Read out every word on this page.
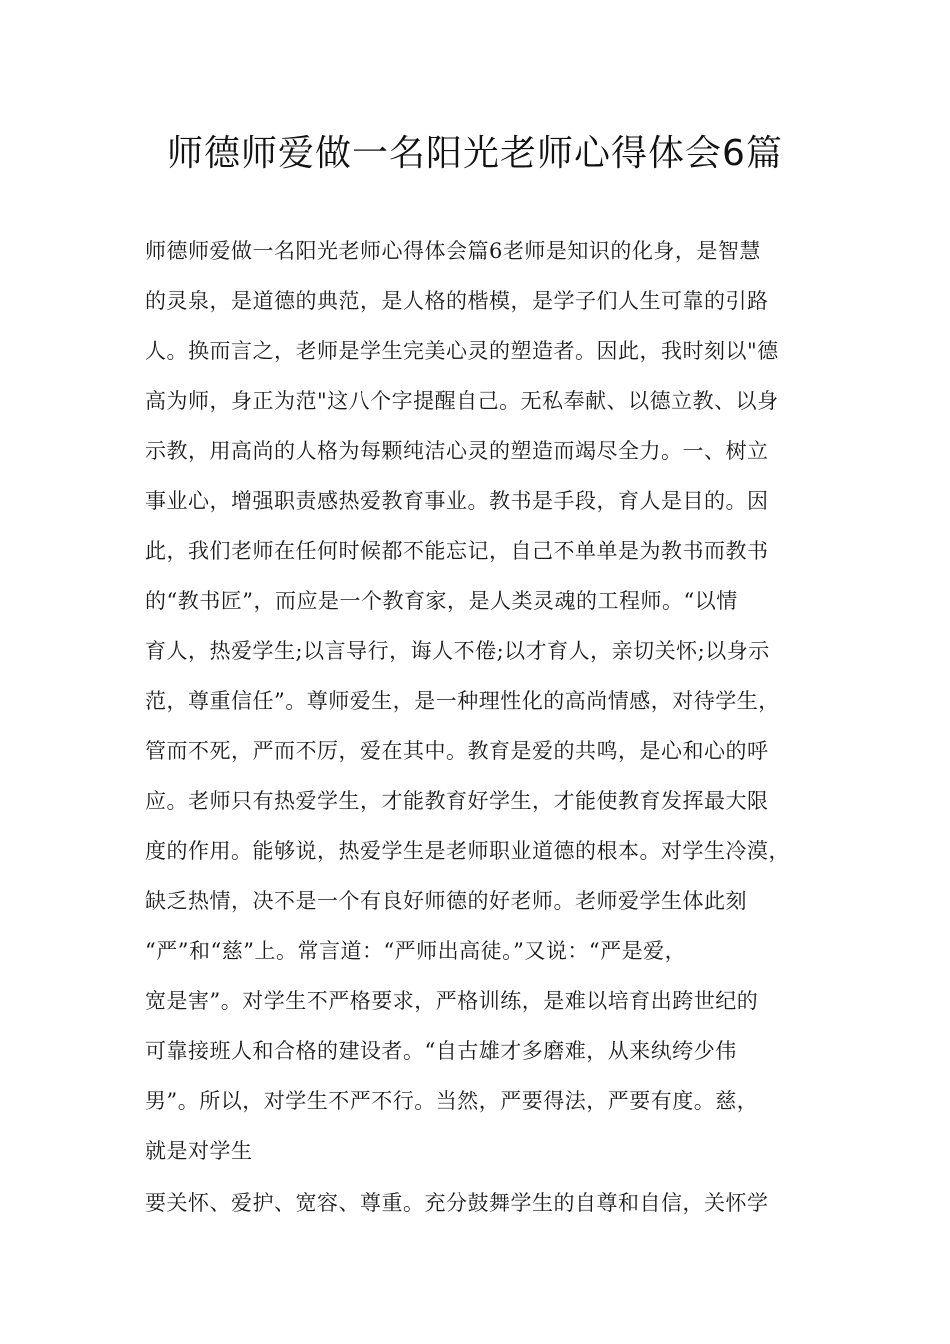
师德师爱做一名阳光老师心得体会6篇
师德师爱做一名阳光老师心得体会篇6老师是知识的化身，是智慧
的灵泉，是道德的典范，是人格的楷模，是学子们人生可靠的引路
人。换而言之，老师是学生完美心灵的塑造者。因此，我时刻以"德
高为师，身正为范"这八个字提醒自己。无私奉献、以德立教、以身
示教，用高尚的人格为每颗纯洁心灵的塑造而竭尽全力。一、树立
事业心，增强职责感热爱教育事业。教书是手段，育人是目的。因
此，我们老师在任何时候都不能忘记，自己不单单是为教书而教书
的“教书匠”，而应是一个教育家，是人类灵魂的工程师。“以情
育人，热爱学生;以言导行，诲人不倦;以才育人，亲切关怀;以身示
范，尊重信任”。尊师爱生，是一种理性化的高尚情感，对待学生，
管而不死，严而不厉，爱在其中。教育是爱的共鸣，是心和心的呼
应。老师只有热爱学生，才能教育好学生，才能使教育发挥最大限
度的作用。能够说，热爱学生是老师职业道德的根本。对学生冷漠，
缺乏热情，决不是一个有良好师德的好老师。老师爱学生体此刻
“严”和“慈”上。常言道：“严师出高徒。”又说：“严是爱，
宽是害”。对学生不严格要求，严格训练，是难以培育出跨世纪的
可靠接班人和合格的建设者。“自古雄才多磨难，从来纨绔少伟
男”。所以，对学生不严不行。当然，严要得法，严要有度。慈，
就是对学生
要关怀、爱护、宽容、尊重。充分鼓舞学生的自尊和自信，关怀学
